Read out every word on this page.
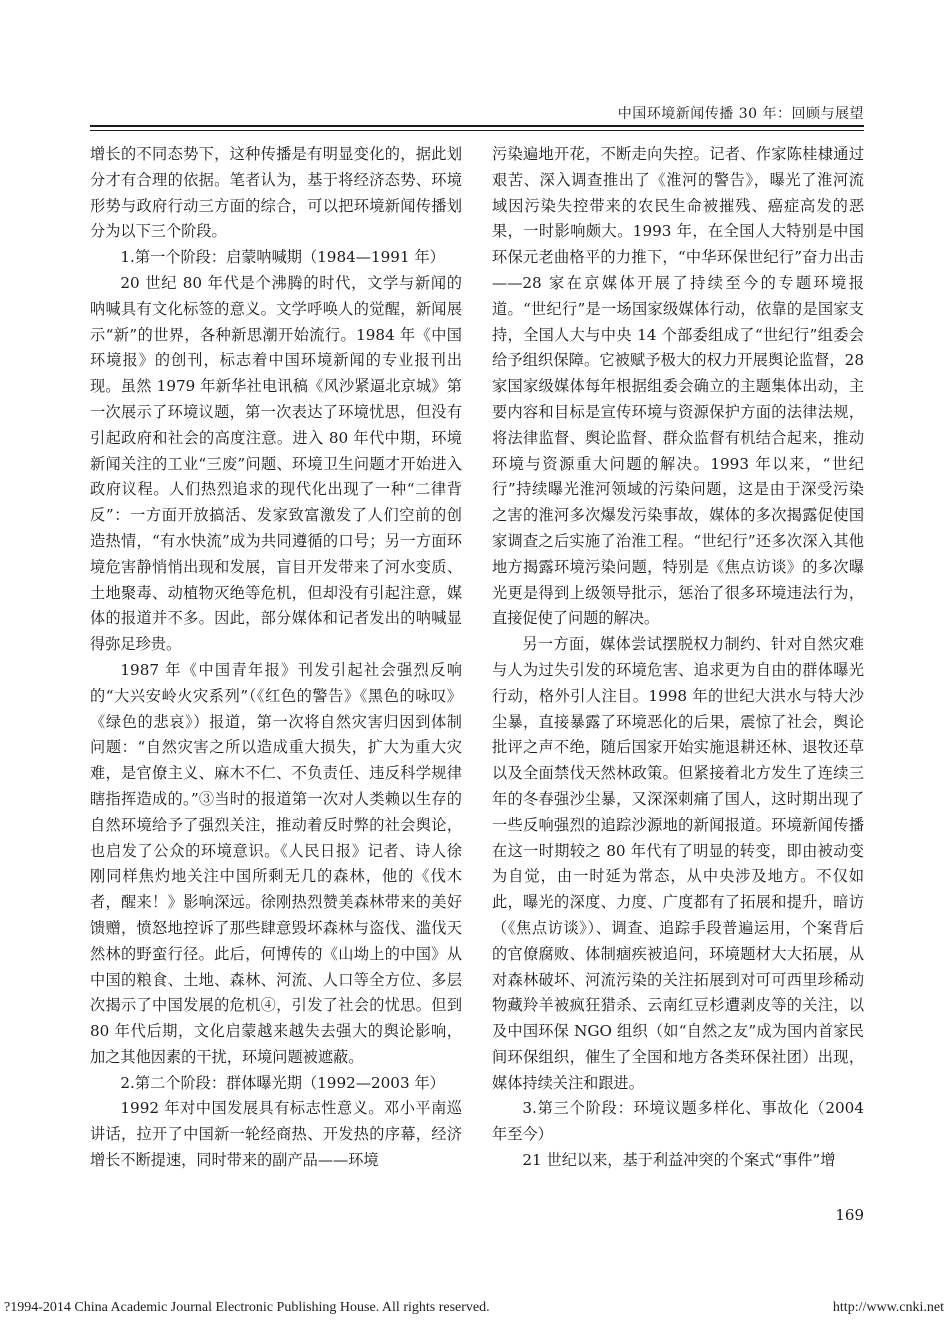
中国环境新闻传播 30 年：回顾与展望

增长的不同态势下，这种传播是有明显变化的，据此划分才有合理的依据。笔者认为，基于将经济态势、环境形势与政府行动三方面的综合，可以把环境新闻传播划分为以下三个阶段。

1.第一个阶段：启蒙呐喊期（1984—1991 年）

20 世纪 80 年代是个沸腾的时代，文学与新闻的呐喊具有文化标签的意义。文学呼唤人的觉醒，新闻展示“新”的世界，各种新思潮开始流行。1984 年《中国环境报》的创刊，标志着中国环境新闻的专业报刊出现。虽然 1979 年新华社电讯稿《风沙紧逼北京城》第一次展示了环境议题，第一次表达了环境忧思，但没有引起政府和社会的高度注意。进入 80 年代中期，环境新闻关注的工业“三废”问题、环境卫生问题才开始进入政府议程。人们热烈追求的现代化出现了一种“二律背反”：一方面开放搞活、发家致富激发了人们空前的创造热情，“有水快流”成为共同遵循的口号；另一方面环境危害静悄悄出现和发展，盲目开发带来了河水变质、土地聚毒、动植物灭绝等危机，但却没有引起注意，媒体的报道并不多。因此，部分媒体和记者发出的呐喊显得弥足珍贵。

1987 年《中国青年报》刊发引起社会强烈反响的“大兴安岭火灾系列”（《红色的警告》《黑色的咏叹》《绿色的悲哀》）报道，第一次将自然灾害归因到体制问题：“自然灾害之所以造成重大损失，扩大为重大灾难，是官僚主义、麻木不仁、不负责任、违反科学规律瞎指挥造成的。”③当时的报道第一次对人类赖以生存的自然环境给予了强烈关注，推动着反时弊的社会舆论，也启发了公众的环境意识。《人民日报》记者、诗人徐刚同样焦灼地关注中国所剩无几的森林，他的《伐木者，醒来！》影响深远。徐刚热烈赞美森林带来的美好馈赠，愤怒地控诉了那些肆意毁坏森林与盗伐、滥伐天然林的野蛮行径。此后，何博传的《山坳上的中国》从中国的粮食、土地、森林、河流、人口等全方位、多层次揭示了中国发展的危机④，引发了社会的忧思。但到 80 年代后期，文化启蒙越来越失去强大的舆论影响，加之其他因素的干扰，环境问题被遮蔽。

2.第二个阶段：群体曝光期（1992—2003 年）

1992 年对中国发展具有标志性意义。邓小平南巡讲话，拉开了中国新一轮经商热、开发热的序幕，经济增长不断提速，同时带来的副产品——环境

污染遍地开花，不断走向失控。记者、作家陈桂棣通过艰苦、深入调查推出了《淮河的警告》，曝光了淮河流域因污染失控带来的农民生命被摧残、癌症高发的恶果，一时影响颇大。1993 年，在全国人大特别是中国环保元老曲格平的力推下，“中华环保世纪行”奋力出击——28 家在京媒体开展了持续至今的专题环境报道。“世纪行”是一场国家级媒体行动，依靠的是国家支持，全国人大与中央 14 个部委组成了“世纪行”组委会给予组织保障。它被赋予极大的权力开展舆论监督，28 家国家级媒体每年根据组委会确立的主题集体出动，主要内容和目标是宣传环境与资源保护方面的法律法规，将法律监督、舆论监督、群众监督有机结合起来，推动环境与资源重大问题的解决。1993 年以来，“世纪行”持续曝光淮河领域的污染问题，这是由于深受污染之害的淮河多次爆发污染事故，媒体的多次揭露促使国家调查之后实施了治淮工程。“世纪行”还多次深入其他地方揭露环境污染问题，特别是《焦点访谈》的多次曝光更是得到上级领导批示，惩治了很多环境违法行为，直接促使了问题的解决。

另一方面，媒体尝试摆脱权力制约、针对自然灾难与人为过失引发的环境危害、追求更为自由的群体曝光行动，格外引人注目。1998 年的世纪大洪水与特大沙尘暴，直接暴露了环境恶化的后果，震惊了社会，舆论批评之声不绝，随后国家开始实施退耕还林、退牧还草以及全面禁伐天然林政策。但紧接着北方发生了连续三年的冬春强沙尘暴，又深深刺痛了国人，这时期出现了一些反响强烈的追踪沙源地的新闻报道。环境新闻传播在这一时期较之 80 年代有了明显的转变，即由被动变为自觉，由一时延为常态，从中央涉及地方。不仅如此，曝光的深度、力度、广度都有了拓展和提升，暗访（《焦点访谈》）、调查、追踪手段普遍运用，个案背后的官僚腐败、体制痼疾被追问，环境题材大大拓展，从对森林破坏、河流污染的关注拓展到对可可西里珍稀动物藏羚羊被疯狂猎杀、云南红豆杉遭剥皮等的关注，以及中国环保 NGO 组织（如“自然之友”成为国内首家民间环保组织，催生了全国和地方各类环保社团）出现，媒体持续关注和跟进。

3.第三个阶段：环境议题多样化、事故化（2004 年至今）

21 世纪以来，基于利益冲突的个案式“事件”增

169
?1994-2014 China Academic Journal Electronic Publishing House. All rights reserved.	http://www.cnki.net
